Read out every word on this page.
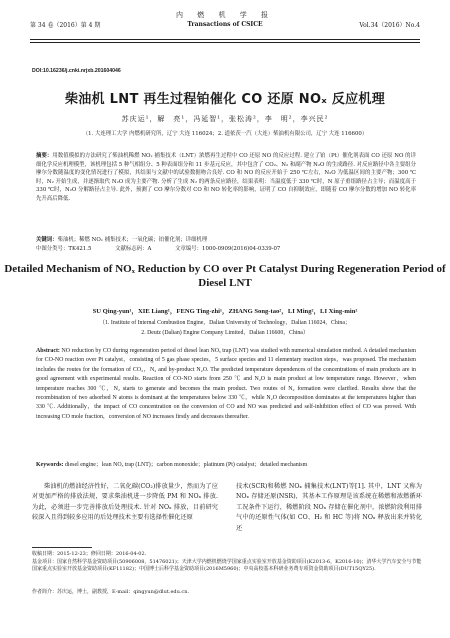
第 34 卷（2016）第 4 期
内 燃 机 学 报
Transactions of CSICE	Vol.34（2016）No.4
DOI:10.16236/j.cnki.nrjxb.201604046
柴油机 LNT 再生过程铂催化 CO 还原 NOₓ 反应机理
苏庆运¹，解　亮¹，冯延智¹，张松涛²，李　明²，李兴民²
（1. 大连理工大学 内燃机研究所，辽宁 大连 116024；2. 道依茨一汽（大连）柴油机有限公司，辽宁 大连 116600）
摘要：用数值模拟的方法研究了柴油机稀燃 NOₓ 捕集技术（LNT）浓燃再生过程中 CO 还原 NO 的反应过程. 建立了铂（Pt）催化剂表面 CO 还原 NO 的详细化学反应机理模型，该机理包括 5 种气相组分、5 种表面组分和 11 步基元反应，其中包含了 CO₂、N₂ 和副产物 N₂O 的生成路径. 对反应路径中各主要组分摩尔分数随温度的变化情况进行了模拟，其结果与文献中的试验数据吻合良好. CO 和 NO 的反应开始于 250 ℃左右，N₂O 为低温区间的主要产物；300 ℃时，N₂ 开始生成，并逐渐取代 N₂O 成为主要产物. 分析了生成 N₂ 的两条反应路径，结果表明：当温度低于 330 ℃时，N 原子重组路径占主导；而温度高于 330 ℃时，N₂O 分解路径占主导. 此外，预测了 CO 摩尔分数对 CO 和 NO 转化率的影响，证明了 CO 自抑制效应，即随着 CO 摩尔分数的增加 NO 转化率先升高后降低.
关键词：柴油机；稀燃 NOₓ 捕集技术；一氧化碳；铂催化剂；详细机理
中图分类号：TK421.5	文献标志码：A	文章编号：1000-0909(2016)04-0339-07
Detailed Mechanism of NOₓ Reduction by CO over Pt Catalyst During Regeneration Period of Diesel LNT
SU Qing-yun¹，XIE Liang¹，FENG Ting-zhi¹，ZHANG Song-tao²，LI Ming²，LI Xing-min²
（1. Institute of Internal Combustion Engine，Dalian University of Technology，Dalian 116024，China；
2. Deutz (Dalian) Engine Company Limited，Dalian 116600，China）
Abstract: NO reduction by CO during regeneration period of diesel lean NOₓ trap (LNT) was studied with numerical simulation method. A detailed mechanism for CO-NO reaction over Pt catalyst，consisting of 5 gas phase species，5 surface species and 11 elementary reaction steps，was proposed. The mechanism includes the routes for the formation of CO₂，N₂ and by-product N₂O. The predicted temperature dependences of the concentrations of main products are in good agreement with experimental results. Reaction of CO-NO starts from 250 ℃ and N₂O is main product at low temperature range. However，when temperature reaches 300 ℃，N₂ starts to generate and becomes the main product. Two routes of N₂ formation were clarified. Results show that the recombination of two adsorbed N atoms is dominant at the temperatures below 330 ℃，while N₂O decomposition dominates at the temperatures higher than 330 ℃. Additionally，the impact of CO concentration on the conversion of CO and NO was predicted and self-inhibition effect of CO was proved. With increasing CO mole fraction，conversion of NO increases firstly and decreases thereafter.
Keywords: diesel engine；lean NOₓ trap (LNT)；carbon monoxide；platinum (Pt) catalyst；detailed mechanism
柴油机的燃油经济性好，二氧化碳(CO₂)排放量少，然而为了应对更加严格的排放法规，要求柴油机进一步降低 PM 和 NOₓ 排放. 为此，必须进一步完善排放后处理技术. 针对 NOₓ 排放，目前研究较深入且得到较多应用的后处理技术主要有选择性催化还原
技术(SCR)和稀燃 NOₓ 捕集技术(LNT)等[1]. 其中，LNT 又称为 NOₓ 存储还原(NSR)，其基本工作原理是该系统在稀燃和浓燃循环工况条件下运行，稀燃阶段 NOₓ 存储在催化剂中，浓燃阶段利用排气中的还原性气体(如 CO、H₂ 和 HC 等)将 NOₓ 释放出来并转化还
收稿日期：2015-12-23；修回日期：2016-04-02.
基金项目：国家自然科学基金资助项目(50906008，51476021)；天津大学内燃机燃烧学国家重点实验室开放基金资助项目(K2013-6，K2016-10)；清华大学汽车安全与节能国家重点实验室开放基金资助项目(KF11182)；中国博士后科学基金资助项目(2016M5960)；中央高校基本科研业务费专项资金资助项目(DUT15QY25).
作者简介：苏庆运，博士，副教授，E-mail：qingyun@dlut.edu.cn.
